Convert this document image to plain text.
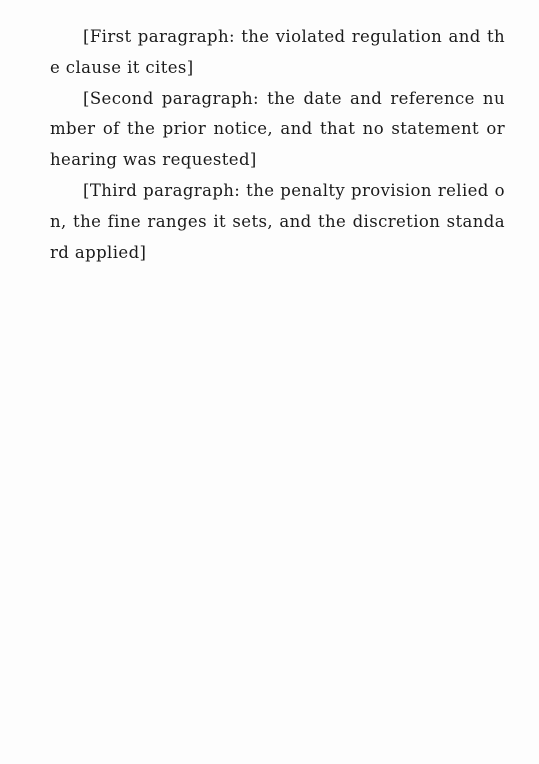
[First paragraph: the violated regulation and the clause it cites]

[Second paragraph: the date and reference number of the prior notice, and that no statement or hearing was requested]

[Third paragraph: the penalty provision relied on, the fine ranges it sets, and the discretion standard applied]
